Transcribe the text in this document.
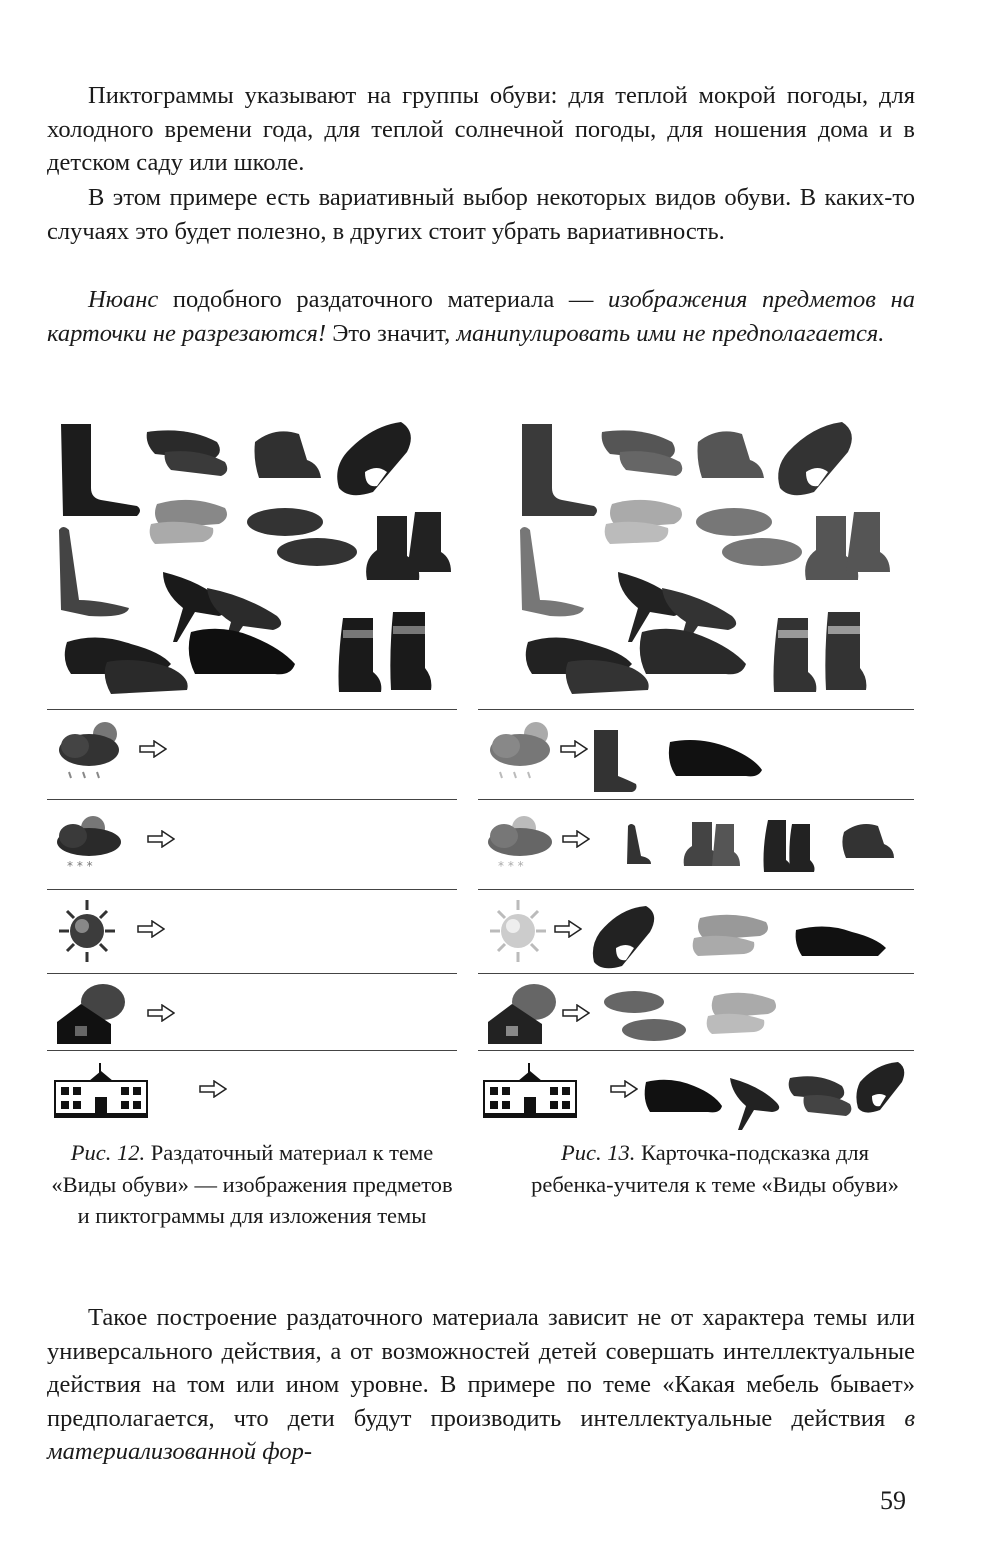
Пиктограммы указывают на группы обуви: для теплой мокрой погоды, для холодного времени года, для теплой солнечной погоды, для ношения дома и в детском саду или школе.

В этом примере есть вариативный выбор некоторых видов обуви. В каких-то случаях это будет полезно, в других стоит убрать вариативность.

Нюанс подобного раздаточного материала — изображения предметов на карточки не разрезаются! Это значит, манипулировать ими не предполагается.

* * *	* * *

Рис. 12. Раздаточный материал к теме «Виды обуви» — изображения предметов и пиктограммы для изложения темы

Рис. 13. Карточка-подсказка для ребенка-учителя к теме «Виды обуви»

Такое построение раздаточного материала зависит не от характера темы или универсального действия, а от возможностей детей совершать интеллектуальные действия на том или ином уровне. В примере по теме «Какая мебель бывает» предполагается, что дети будут производить интеллектуальные действия в материализованной фор-

59
